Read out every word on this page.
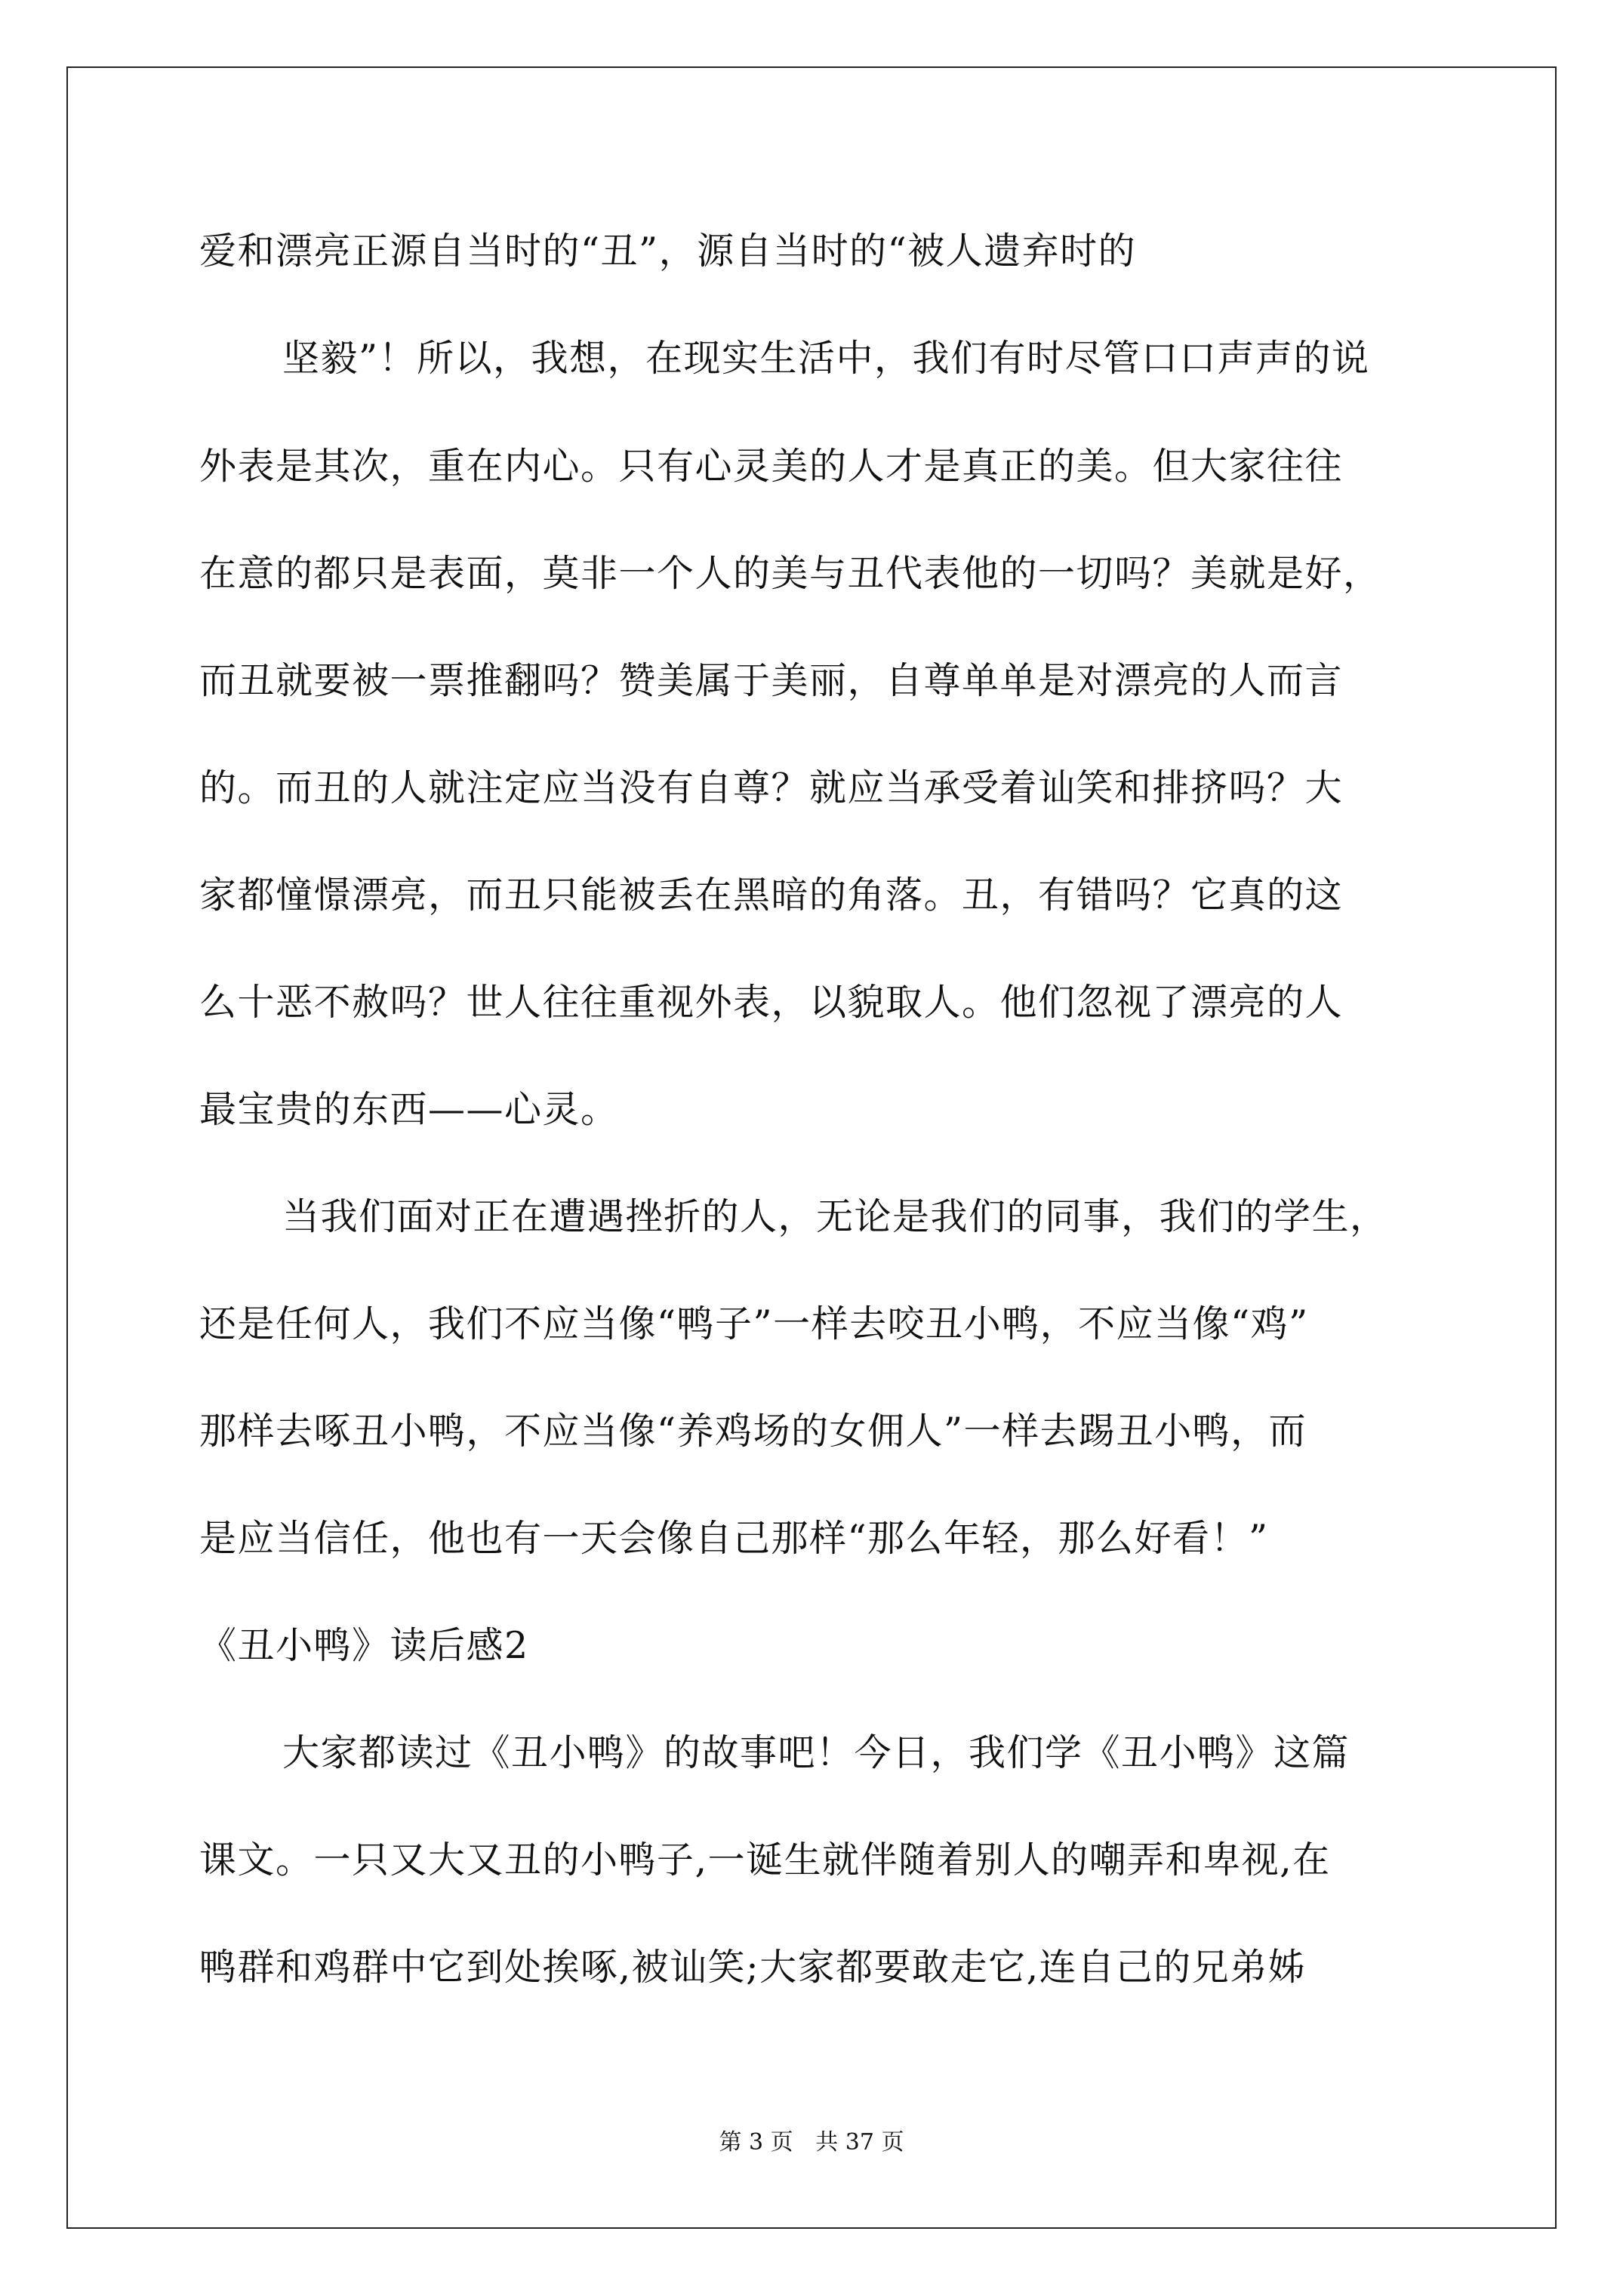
爱和漂亮正源自当时的“丑”，源自当时的“被人遗弃时的
坚毅”！所以，我想，在现实生活中，我们有时尽管口口声声的说
外表是其次，重在内心。只有心灵美的人才是真正的美。但大家往往
在意的都只是表面，莫非一个人的美与丑代表他的一切吗？美就是好，
而丑就要被一票推翻吗？赞美属于美丽，自尊单单是对漂亮的人而言
的。而丑的人就注定应当没有自尊？就应当承受着讪笑和排挤吗？大
家都憧憬漂亮，而丑只能被丢在黑暗的角落。丑，有错吗？它真的这
么十恶不赦吗？世人往往重视外表，以貌取人。他们忽视了漂亮的人
最宝贵的东西——心灵。
当我们面对正在遭遇挫折的人，无论是我们的同事，我们的学生，
还是任何人，我们不应当像“鸭子”一样去咬丑小鸭，不应当像“鸡”
那样去啄丑小鸭，不应当像“养鸡场的女佣人”一样去踢丑小鸭，而
是应当信任，他也有一天会像自己那样“那么年轻，那么好看！”
《丑小鸭》读后感2
大家都读过《丑小鸭》的故事吧！今日，我们学《丑小鸭》这篇
课文。一只又大又丑的小鸭子,一诞生就伴随着别人的嘲弄和卑视,在
鸭群和鸡群中它到处挨啄,被讪笑;大家都要敢走它,连自己的兄弟姊
第 3 页 共 37 页
